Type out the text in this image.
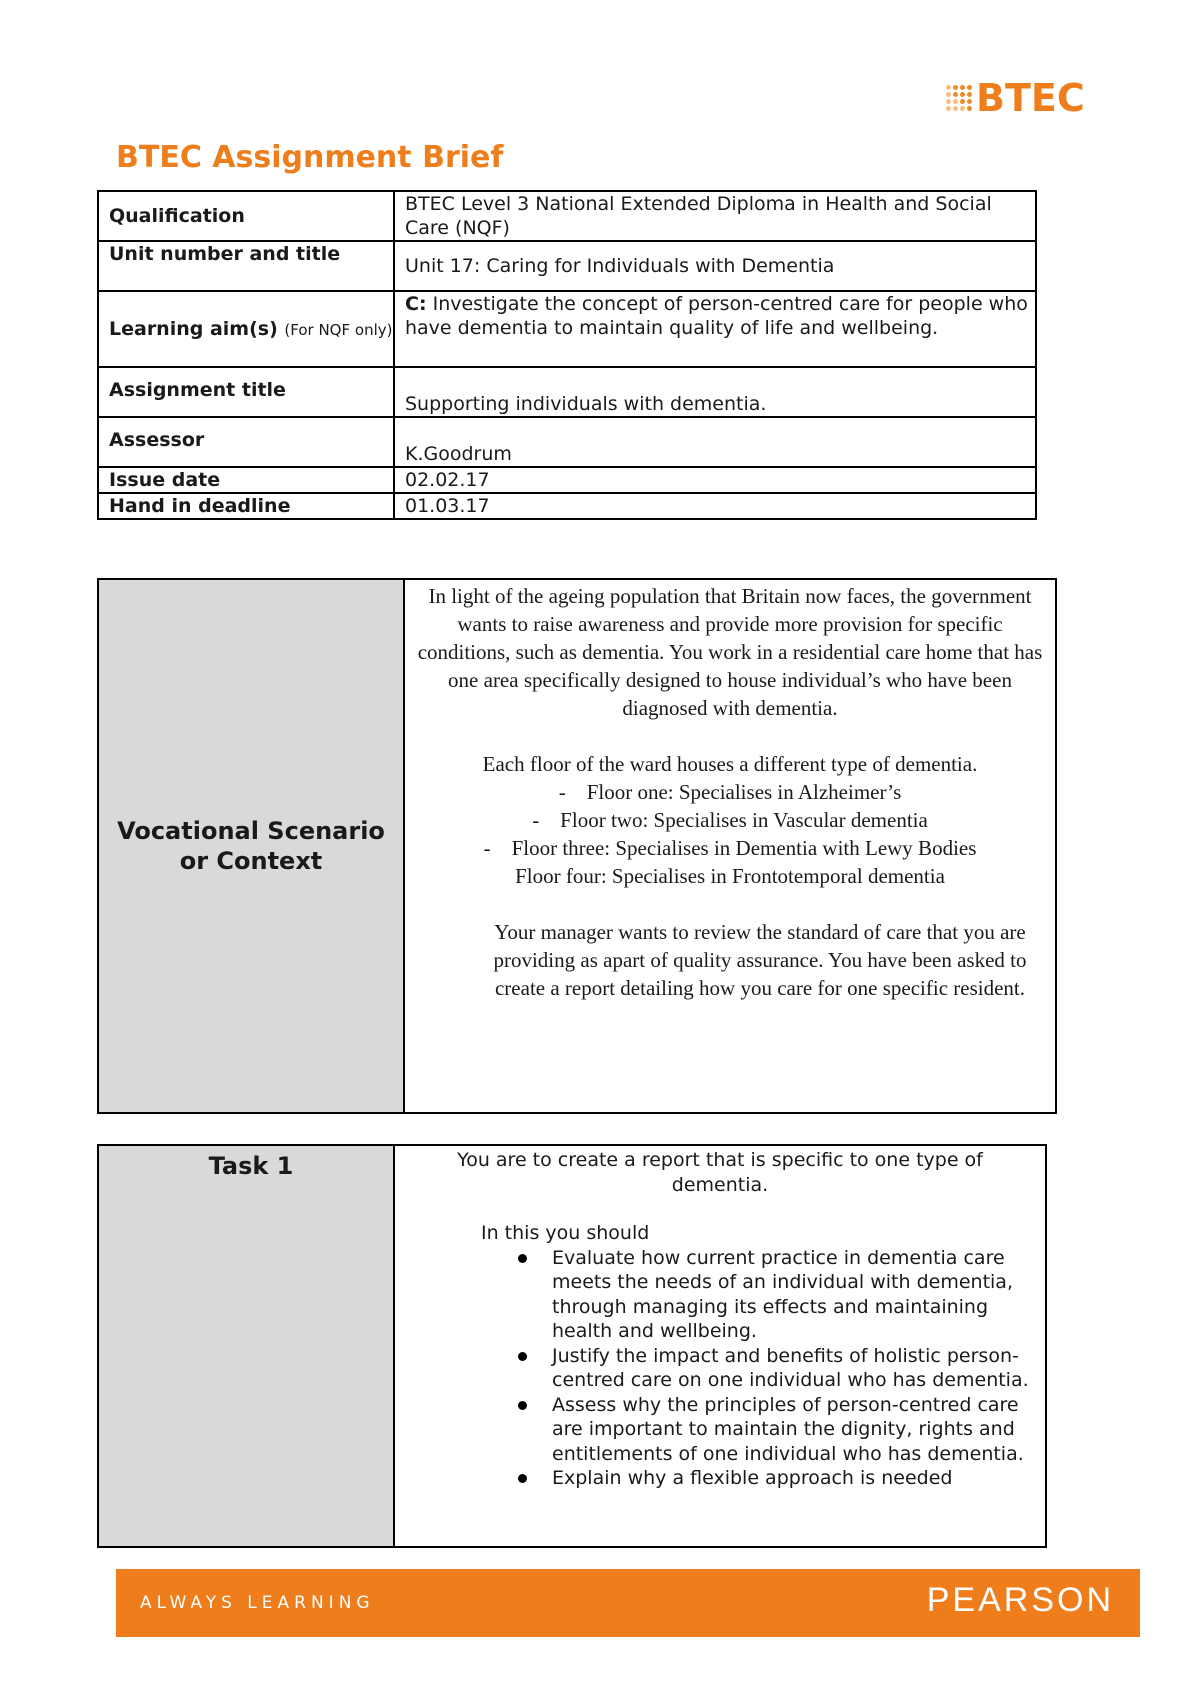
BTEC
BTEC Assignment Brief
Qualification	BTEC Level 3 National Extended Diploma in Health and Social Care (NQF)
Unit number and title	Unit 17: Caring for Individuals with Dementia
Learning aim(s) (For NQF only)	C: Investigate the concept of person-centred care for people who have dementia to maintain quality of life and wellbeing.
Assignment title	Supporting individuals with dementia.
Assessor	K.Goodrum
Issue date	02.02.17
Hand in deadline	01.03.17
Vocational Scenario or Context	

In light of the ageing population that Britain now faces, the government wants to raise awareness and provide more provision for specific conditions, such as dementia. You work in a residential care home that has one area specifically designed to house individual’s who have been diagnosed with dementia.

Each floor of the ward houses a different type of dementia.

-    Floor one: Specialises in Alzheimer’s

-    Floor two: Specialises in Vascular dementia

-    Floor three: Specialises in Dementia with Lewy Bodies

Floor four: Specialises in Frontotemporal dementia

Your manager wants to review the standard of care that you are providing as apart of quality assurance. You have been asked to create a report detailing how you care for one specific resident.

Task 1	You are to create a report that is specific to one type of dementia.

In this you should

Evaluate how current practice in dementia care meets the needs of an individual with dementia, through managing its effects and maintaining health and wellbeing.
Justify the impact and benefits of holistic person-centred care on one individual who has dementia.
Assess why the principles of person-centred care are important to maintain the dignity, rights and entitlements of one individual who has dementia.
Explain why a flexible approach is needed
ALWAYS LEARNING	PEARSON
